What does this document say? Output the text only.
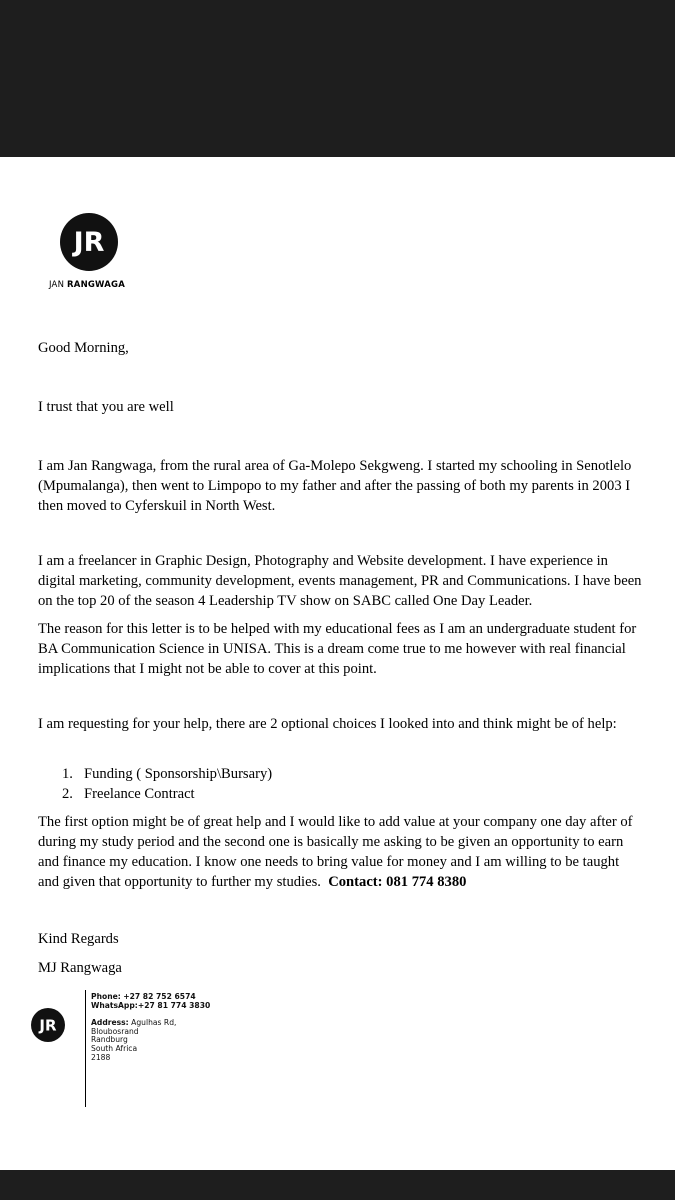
JR
JAN RANGWAGA

Good Morning,

I trust that you are well

I am Jan Rangwaga, from the rural area of Ga-Molepo Sekgweng. I started my schooling in Senotlelo (Mpumalanga), then went to Limpopo to my father and after the passing of both my parents in 2003 I then moved to Cyferskuil in North West.

I am a freelancer in Graphic Design, Photography and Website development. I have experience in digital marketing, community development, events management, PR and Communications. I have been on the top 20 of the season 4 Leadership TV show on SABC called One Day Leader.

The reason for this letter is to be helped with my educational fees as I am an undergraduate student for BA Communication Science in UNISA. This is a dream come true to me however with real financial implications that I might not be able to cover at this point.

I am requesting for your help, there are 2 optional choices I looked into and think might be of help:

1. Funding ( Sponsorship\Bursary)
2. Freelance Contract

The first option might be of great help and I would like to add value at your company one day after of during my study period and the second one is basically me asking to be given an opportunity to earn and finance my education. I know one needs to bring value for money and I am willing to be taught and given that opportunity to further my studies. Contact: 081 774 8380

Kind Regards

MJ Rangwaga

JR
Phone: +27 82 752 6574
WhatsApp:+27 81 774 3830
Address: Agulhas Rd,
Bloubosrand
Randburg
South Africa
2188
